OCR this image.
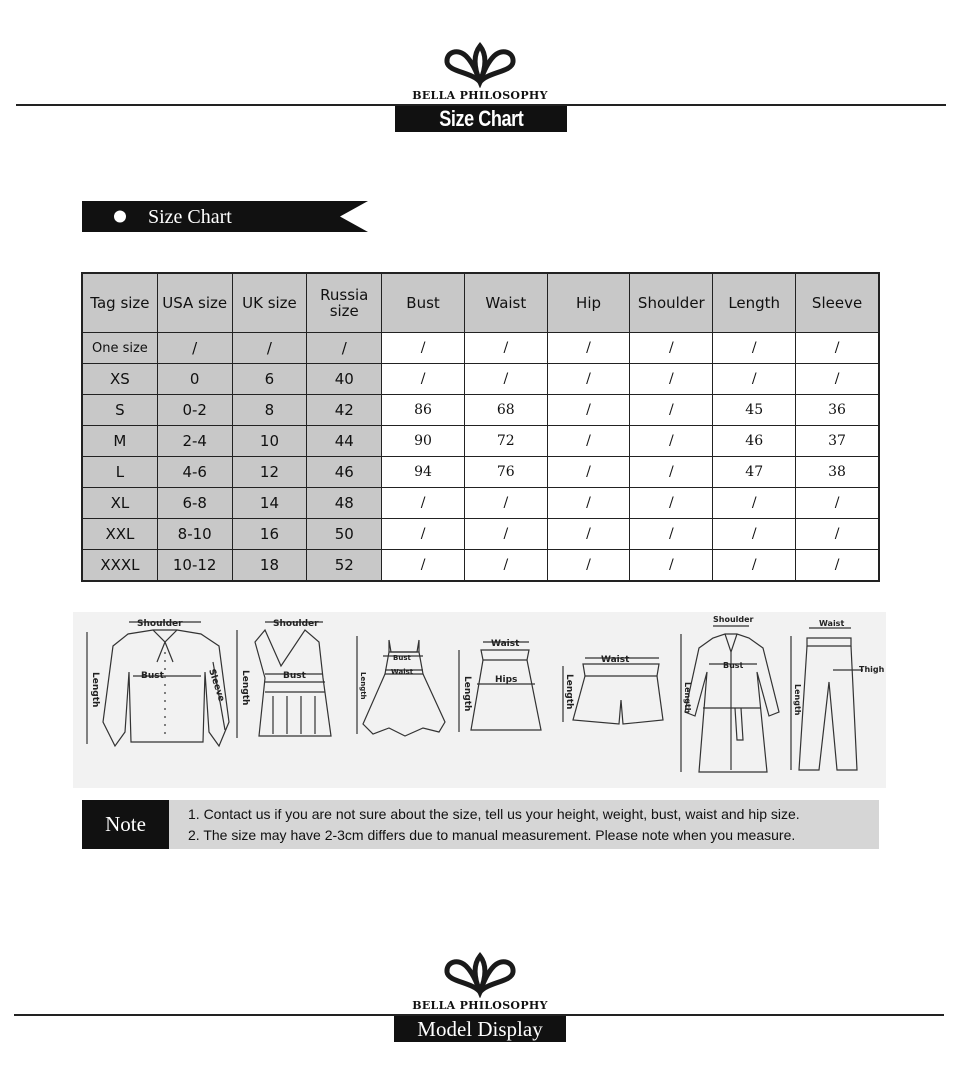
BELLA PHILOSOPHY
Size Chart
Size Chart
Tag size	USA size	UK size	Russia size	Bust	Waist	Hip	Shoulder	Length	Sleeve
One size	/	/	/	/	/	/	/	/	/
XS	0	6	40	/	/	/	/	/	/
S	0-2	8	42	86	68	/	/	45	36
M	2-4	10	44	90	72	/	/	46	37
L	4-6	12	46	94	76	/	/	47	38
XL	6-8	14	48	/	/	/	/	/	/
XXL	8-10	16	50	/	/	/	/	/	/
XXXL	10-12	18	52	/	/	/	/	/	/
Shoulder
Bust	Sleeve
Length
Shoulder
Bust
Length
Bust
Waist
Length
Waist
Hips
Length
Waist
Length
Shoulder
Bust
Length
Waist
Thigh
Length
Note	1. Contact us if you are not sure about the size, tell us your height, weight, bust, waist and hip size.
2. The size may have 2-3cm differs due to manual measurement. Please note when you measure.
BELLA PHILOSOPHY
Model Display
